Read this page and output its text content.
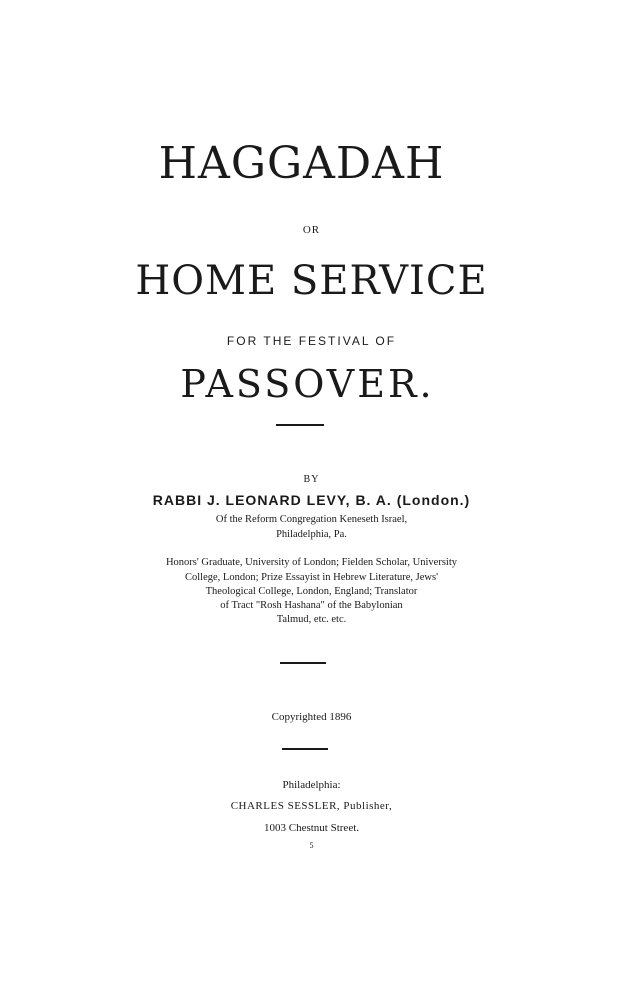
HAGGADAH
OR
HOME SERVICE
FOR THE FESTIVAL OF
PASSOVER.
BY
RABBI J. LEONARD LEVY, B. A. (London.)
Of the Reform Congregation Keneseth Israel,
Philadelphia, Pa.
Honors' Graduate, University of London; Fielden Scholar, University
College, London; Prize Essayist in Hebrew Literature, Jews'
Theological College, London, England; Translator
of Tract "Rosh Hashana" of the Babylonian
Talmud, etc. etc.
Copyrighted 1896
Philadelphia:
CHARLES SESSLER, Publisher,
1003 Chestnut Street.
5
